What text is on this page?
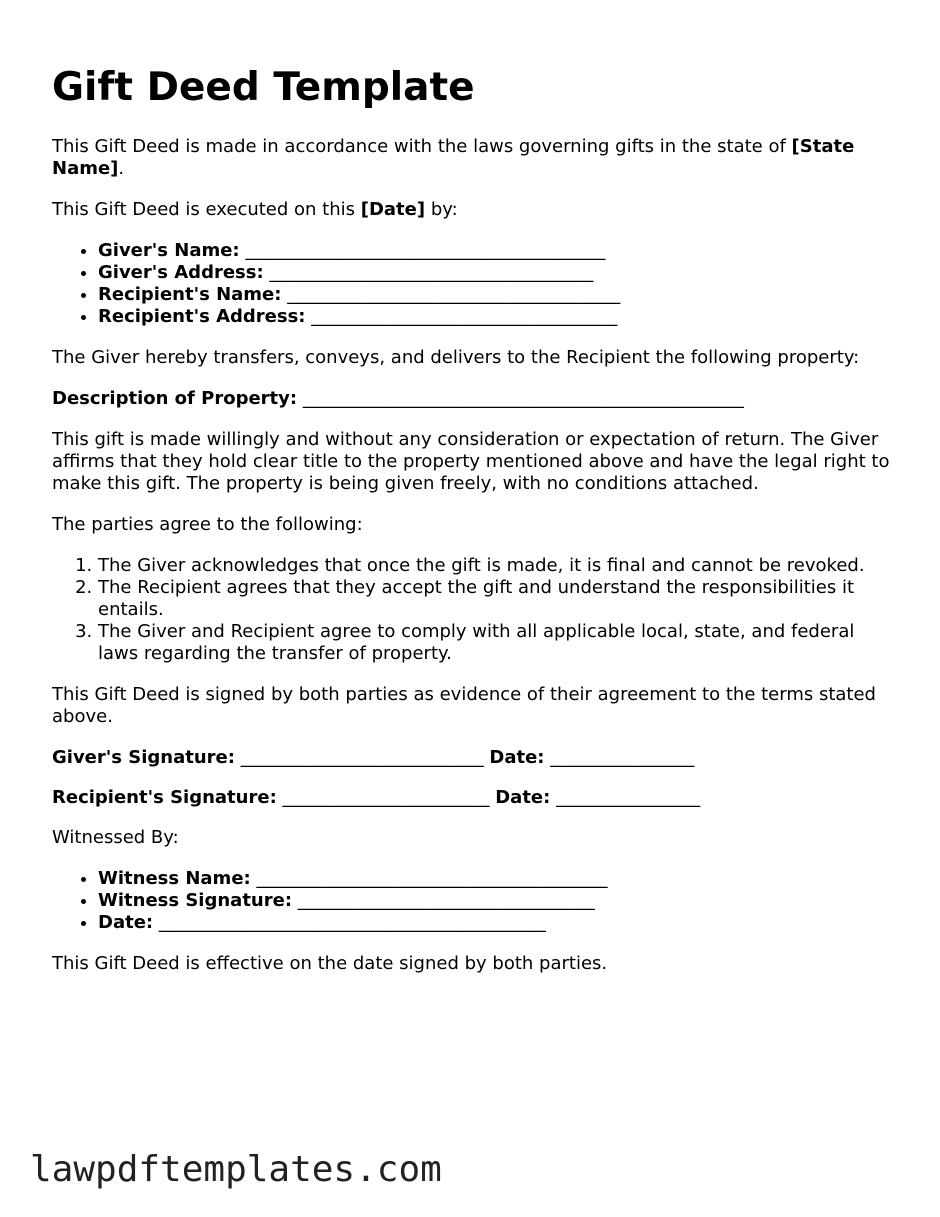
Gift Deed Template

This Gift Deed is made in accordance with the laws governing gifts in the state of [State Name].

This Gift Deed is executed on this [Date] by:

• Giver's Name: ________________________________________
• Giver's Address: ____________________________________
• Recipient's Name: _____________________________________
• Recipient's Address: __________________________________

The Giver hereby transfers, conveys, and delivers to the Recipient the following property:

Description of Property: _________________________________________________

This gift is made willingly and without any consideration or expectation of return. The Giver affirms that they hold clear title to the property mentioned above and have the legal right to make this gift. The property is being given freely, with no conditions attached.

The parties agree to the following:

1. The Giver acknowledges that once the gift is made, it is final and cannot be revoked.
2. The Recipient agrees that they accept the gift and understand the responsibilities it entails.
3. The Giver and Recipient agree to comply with all applicable local, state, and federal laws regarding the transfer of property.

This Gift Deed is signed by both parties as evidence of their agreement to the terms stated above.

Giver's Signature: ___________________________ Date: ________________

Recipient's Signature: _______________________ Date: ________________

Witnessed By:

• Witness Name: _______________________________________
• Witness Signature: _________________________________
• Date: ___________________________________________

This Gift Deed is effective on the date signed by both parties.

lawpdftemplates.com
